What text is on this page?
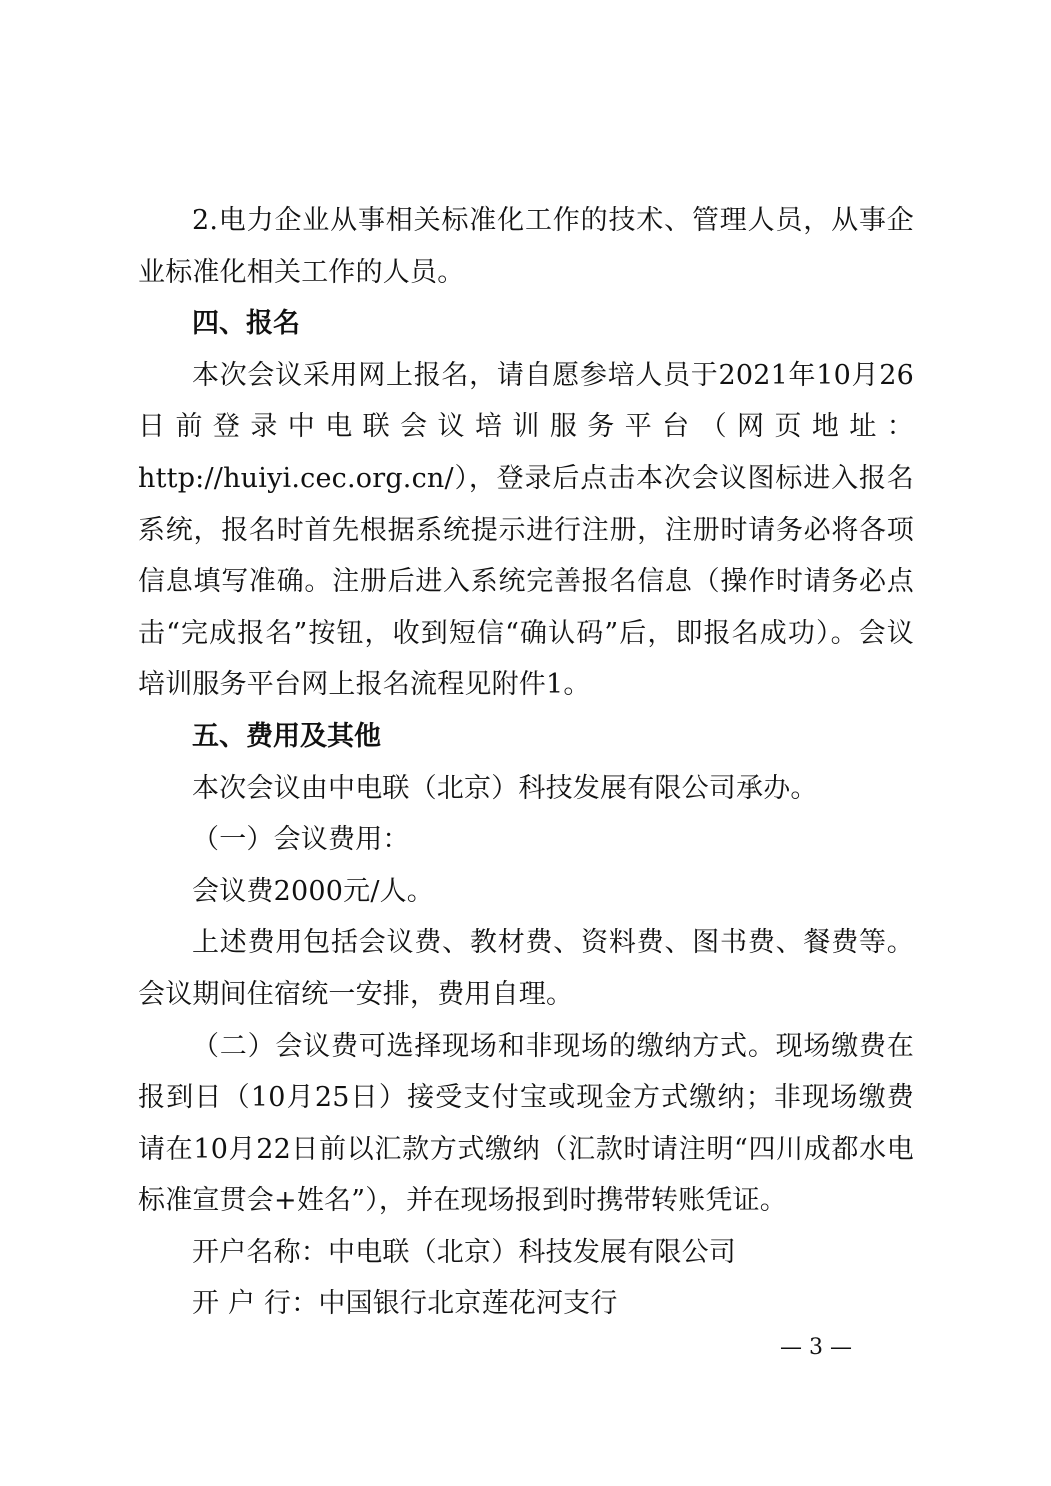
2.电力企业从事相关标准化工作的技术、管理人员，从事企业标准化相关工作的人员。

四、报名

本次会议采用网上报名，请自愿参培人员于2021年10月26

日前登录中电联会议培训服务平台（网页地址：

http://huiyi.cec.org.cn/），登录后点击本次会议图标进入报名系统，报名时首先根据系统提示进行注册，注册时请务必将各项信息填写准确。注册后进入系统完善报名信息（操作时请务必点击“完成报名”按钮，收到短信“确认码”后，即报名成功）。会议培训服务平台网上报名流程见附件1。

五、费用及其他

本次会议由中电联（北京）科技发展有限公司承办。

（一）会议费用：

会议费2000元/人。

上述费用包括会议费、教材费、资料费、图书费、餐费等。会议期间住宿统一安排，费用自理。

（二）会议费可选择现场和非现场的缴纳方式。现场缴费在报到日（10月25日）接受支付宝或现金方式缴纳；非现场缴费请在10月22日前以汇款方式缴纳（汇款时请注明“四川成都水电标准宣贯会+姓名”），并在现场报到时携带转账凭证。

开户名称：中电联（北京）科技发展有限公司

开 户 行：中国银行北京莲花河支行

— 3 —
